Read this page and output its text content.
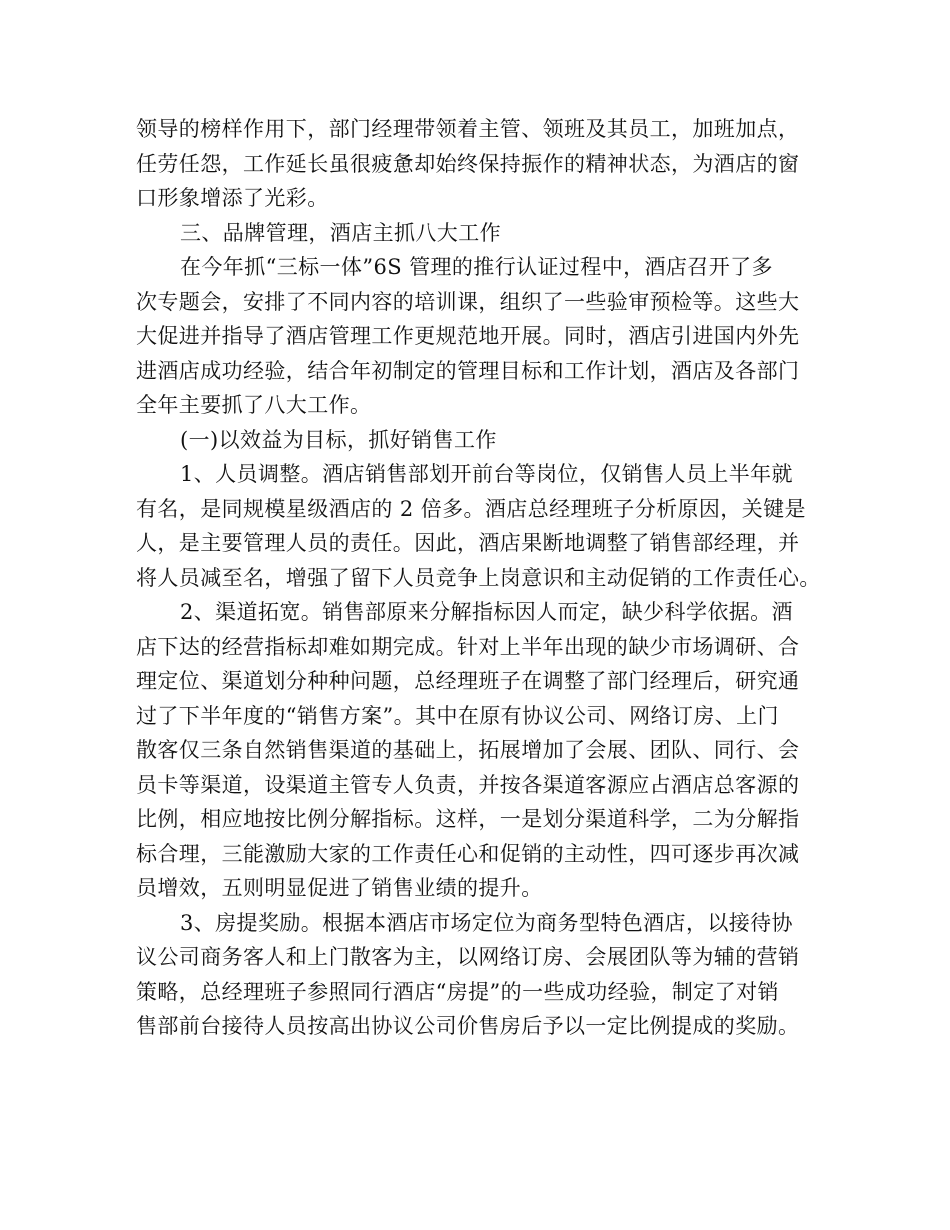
领导的榜样作用下，部门经理带领着主管、领班及其员工，加班加点，
任劳任怨，工作延长虽很疲惫却始终保持振作的精神状态，为酒店的窗
口形象增添了光彩。
三、品牌管理，酒店主抓八大工作
在今年抓“三标一体”6S 管理的推行认证过程中，酒店召开了多
次专题会，安排了不同内容的培训课，组织了一些验审预检等。这些大
大促进并指导了酒店管理工作更规范地开展。同时，酒店引进国内外先
进酒店成功经验，结合年初制定的管理目标和工作计划，酒店及各部门
全年主要抓了八大工作。
(一)以效益为目标，抓好销售工作
1、人员调整。酒店销售部划开前台等岗位，仅销售人员上半年就
有名，是同规模星级酒店的 2 倍多。酒店总经理班子分析原因，关键是
人，是主要管理人员的责任。因此，酒店果断地调整了销售部经理，并
将人员减至名，增强了留下人员竞争上岗意识和主动促销的工作责任心。
2、渠道拓宽。销售部原来分解指标因人而定，缺少科学依据。酒
店下达的经营指标却难如期完成。针对上半年出现的缺少市场调研、合
理定位、渠道划分种种问题，总经理班子在调整了部门经理后，研究通
过了下半年度的“销售方案”。其中在原有协议公司、网络订房、上门
散客仅三条自然销售渠道的基础上，拓展增加了会展、团队、同行、会
员卡等渠道，设渠道主管专人负责，并按各渠道客源应占酒店总客源的
比例，相应地按比例分解指标。这样，一是划分渠道科学，二为分解指
标合理，三能激励大家的工作责任心和促销的主动性，四可逐步再次减
员增效，五则明显促进了销售业绩的提升。
3、房提奖励。根据本酒店市场定位为商务型特色酒店，以接待协
议公司商务客人和上门散客为主，以网络订房、会展团队等为辅的营销
策略，总经理班子参照同行酒店“房提”的一些成功经验，制定了对销
售部前台接待人员按高出协议公司价售房后予以一定比例提成的奖励。
